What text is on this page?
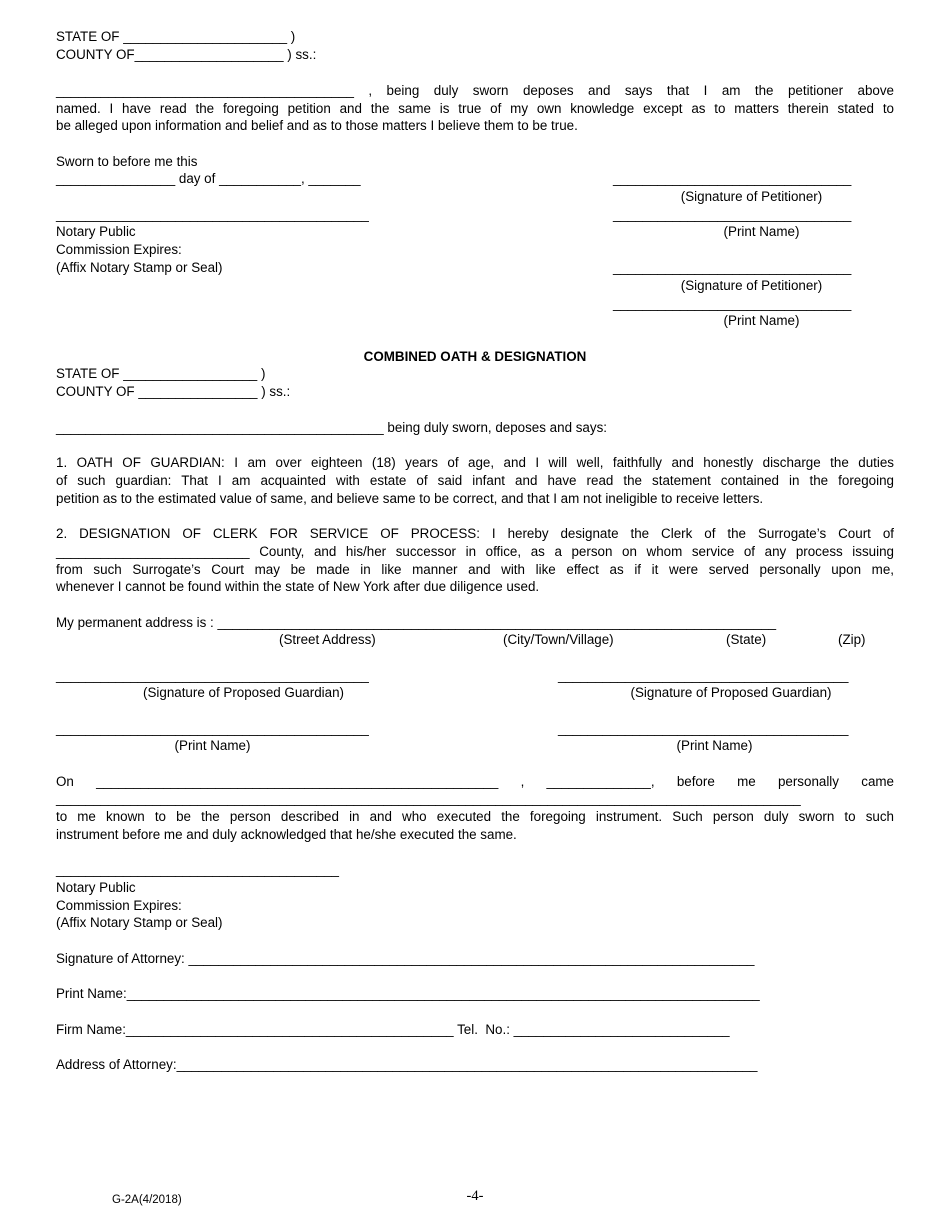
STATE OF ______________________ )
COUNTY OF____________________ ) ss.:
________________________________________ , being duly sworn deposes and says that I am the petitioner above
named. I have read the foregoing petition and the same is true of my own knowledge except as to matters therein stated to
be alleged upon information and belief and as to those matters I believe them to be true.
Sworn to before me this
________________ day of ___________, _______	________________________________
(Signature of Petitioner)
__________________________________________	________________________________
(Print Name)
Notary Public
Commission Expires:
(Affix Notary Stamp or Seal)	________________________________
(Signature of Petitioner)
________________________________
(Print Name)
COMBINED OATH & DESIGNATION
STATE OF __________________ )
COUNTY OF ________________ ) ss.:
____________________________________________ being duly sworn, deposes and says:
1. OATH OF GUARDIAN: I am over eighteen (18) years of age, and I will well, faithfully and honestly discharge the duties
of such guardian: That I am acquainted with estate of said infant and have read the statement contained in the foregoing
petition as to the estimated value of same, and believe same to be correct, and that I am not ineligible to receive letters.
2. DESIGNATION OF CLERK FOR SERVICE OF PROCESS: I hereby designate the Clerk of the Surrogate’s Court of
__________________________ County, and his/her successor in office, as a person on whom service of any process issuing
from such Surrogate’s Court may be made in like manner and with like effect as if it were served personally upon me,
whenever I cannot be found within the state of New York after due diligence used.
My permanent address is : ___________________________________________________________________________
(Street Address)	(City/Town/Village)	(State)	(Zip)
__________________________________________	_______________________________________
(Signature of Proposed Guardian)	(Signature of Proposed Guardian)
__________________________________________	_______________________________________
(Print Name)	(Print Name)
On ______________________________________________________ , ______________, before me personally came
____________________________________________________________________________________________________
to me known to be the person described in and who executed the foregoing instrument. Such person duly sworn to such
instrument before me and duly acknowledged that he/she executed the same.
______________________________________
Notary Public
Commission Expires:
(Affix Notary Stamp or Seal)
Signature of Attorney: ____________________________________________________________________________
Print Name:_____________________________________________________________________________________
Firm Name:____________________________________________ Tel.  No.: _____________________________
Address of Attorney:______________________________________________________________________________
G-2A(4/2018)	-4-
